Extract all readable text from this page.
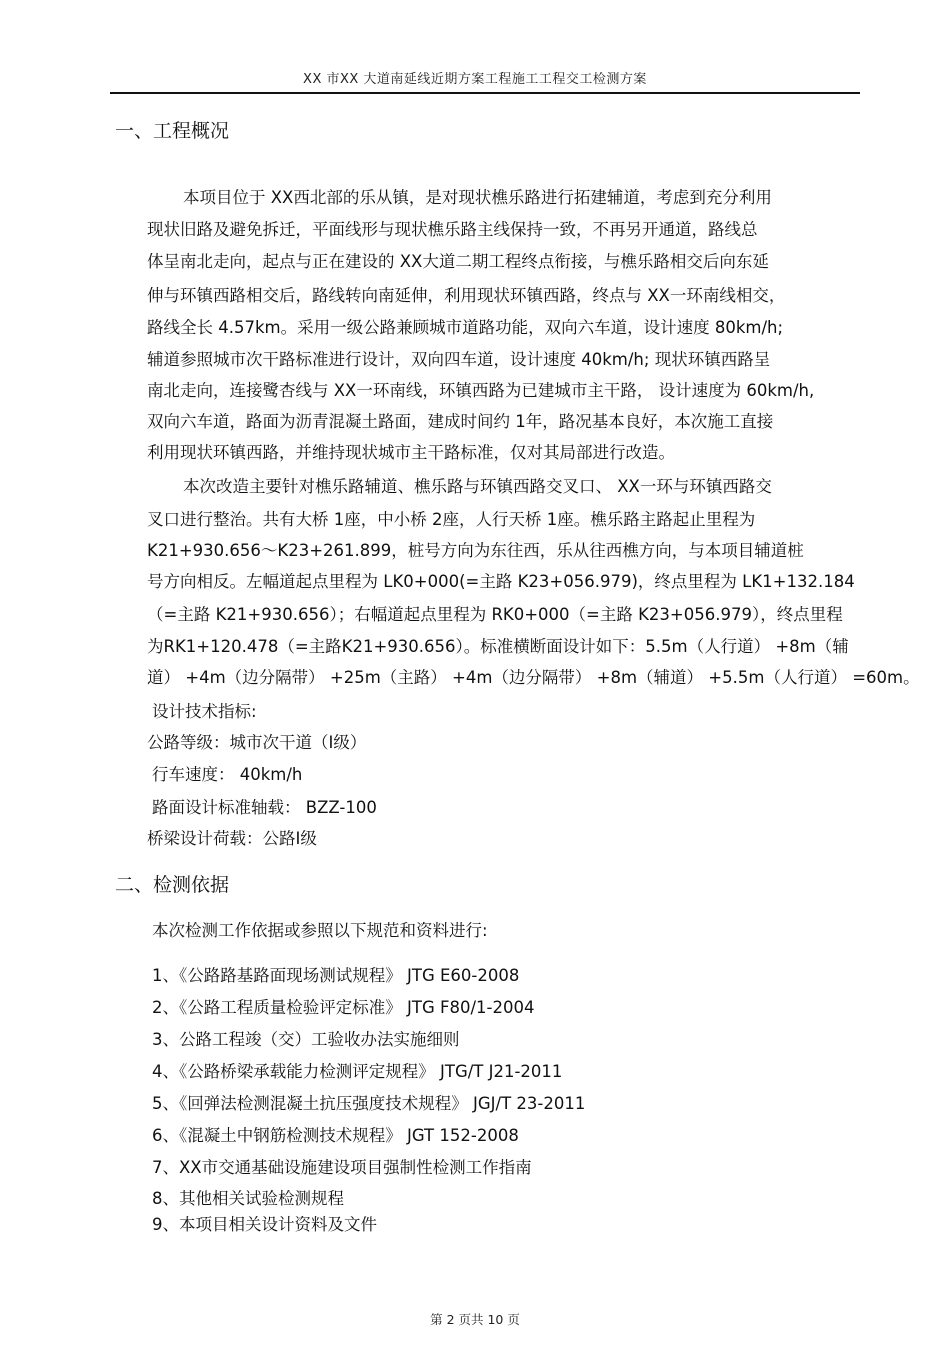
XX 市XX 大道南延线近期方案工程施工工程交工检测方案
一、工程概况
本项目位于 XX西北部的乐从镇，是对现状樵乐路进行拓建辅道，考虑到充分利用
现状旧路及避免拆迁，平面线形与现状樵乐路主线保持一致，不再另开通道，路线总
体呈南北走向，起点与正在建设的 XX大道二期工程终点衔接，与樵乐路相交后向东延
伸与环镇西路相交后，路线转向南延伸，利用现状环镇西路，终点与 XX一环南线相交，
路线全长 4.57km。采用一级公路兼顾城市道路功能，双向六车道，设计速度 80km/h;
辅道参照城市次干路标准进行设计，双向四车道，设计速度 40km/h; 现状环镇西路呈
南北走向，连接鹭杏线与 XX一环南线，环镇西路为已建城市主干路， 设计速度为 60km/h,
双向六车道，路面为沥青混凝土路面，建成时间约 1年，路况基本良好，本次施工直接
利用现状环镇西路，并维持现状城市主干路标准，仅对其局部进行改造。
本次改造主要针对樵乐路辅道、樵乐路与环镇西路交叉口、 XX一环与环镇西路交
叉口进行整治。共有大桥 1座，中小桥 2座，人行天桥 1座。樵乐路主路起止里程为
K21+930.656～K23+261.899，桩号方向为东往西，乐从往西樵方向，与本项目辅道桩
号方向相反。左幅道起点里程为 LK0+000(=主路 K23+056.979)，终点里程为 LK1+132.184
（=主路 K21+930.656）；右幅道起点里程为 RK0+000（=主路 K23+056.979），终点里程
为RK1+120.478（=主路K21+930.656）。标准横断面设计如下：5.5m（人行道） +8m（辅
道） +4m（边分隔带） +25m（主路） +4m（边分隔带） +8m（辅道） +5.5m（人行道） =60m。
设计技术指标:
公路等级：城市次干道（Ⅰ级）
行车速度： 40km/h
路面设计标准轴载： BZZ-100
桥梁设计荷载：公路Ⅰ级
二、检测依据
本次检测工作依据或参照以下规范和资料进行:
1、《公路路基路面现场测试规程》 JTG E60-2008
2、《公路工程质量检验评定标准》 JTG F80/1-2004
3、公路工程竣（交）工验收办法实施细则
4、《公路桥梁承载能力检测评定规程》 JTG/T J21-2011
5、《回弹法检测混凝土抗压强度技术规程》 JGJ/T 23-2011
6、《混凝土中钢筋检测技术规程》 JGT 152-2008
7、XX市交通基础设施建设项目强制性检测工作指南
8、其他相关试验检测规程
9、本项目相关设计资料及文件
第 2 页共 10 页
